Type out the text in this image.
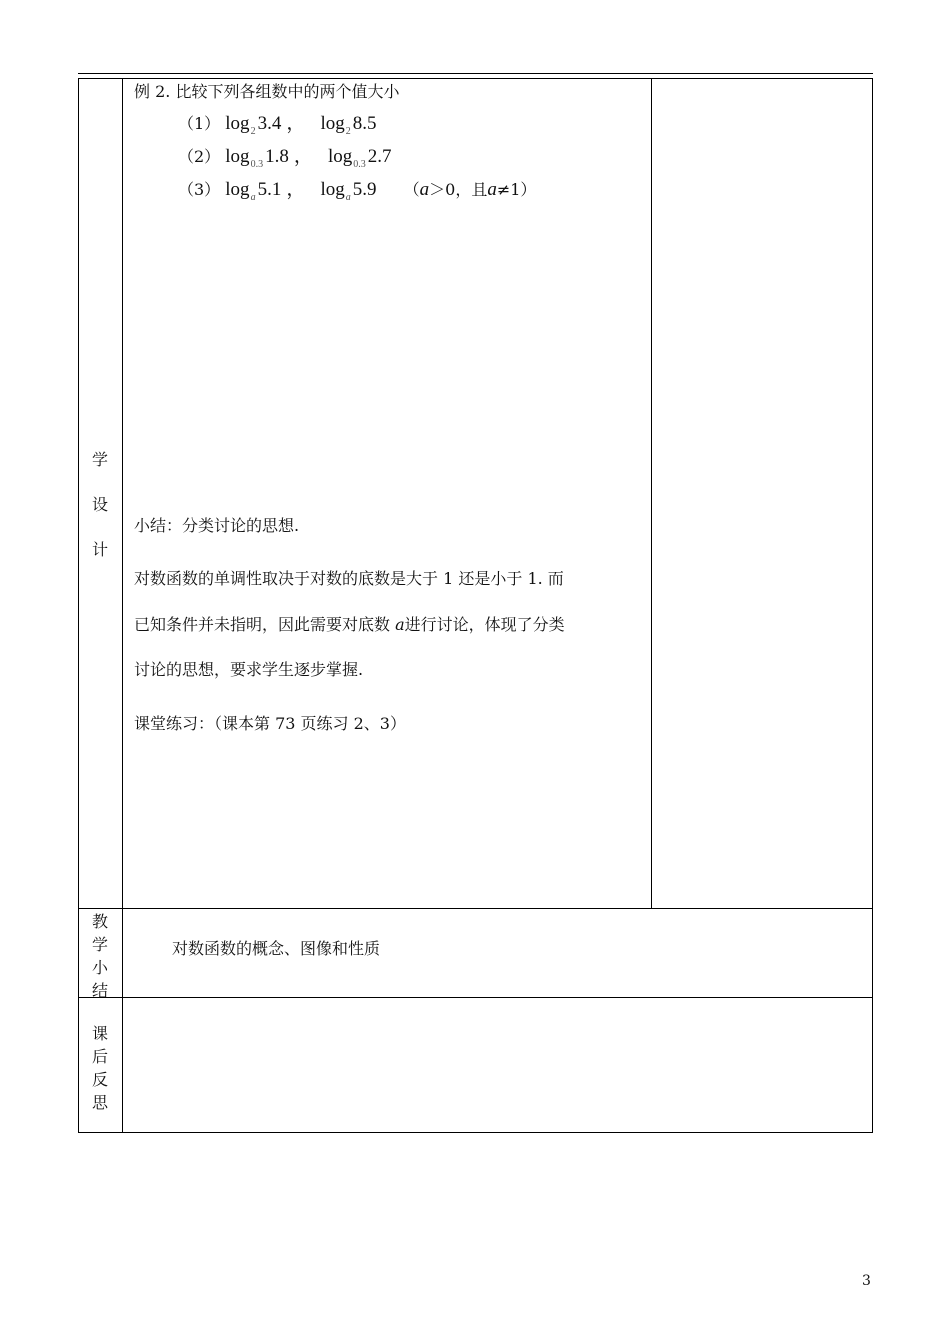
学
设
计
教
学
小
结
课
后
反
思
例 2. 比较下列各组数中的两个值大小
（1） $\log_2 3.4$ ， $\log_2 8.5$
（2） $\log_{0.3} 1.8$ ， $\log_{0.3} 2.7$
（3） $\log_a 5.1$ ， $\log_a 5.9$ （a＞0，且a≠1）
小结：分类讨论的思想.
对数函数的单调性取决于对数的底数是大于 1 还是小于 1. 而
已知条件并未指明，因此需要对底数 a进行讨论，体现了分类
讨论的思想，要求学生逐步掌握.
课堂练习：（课本第 73 页练习 2、3）
对数函数的概念、图像和性质
3
